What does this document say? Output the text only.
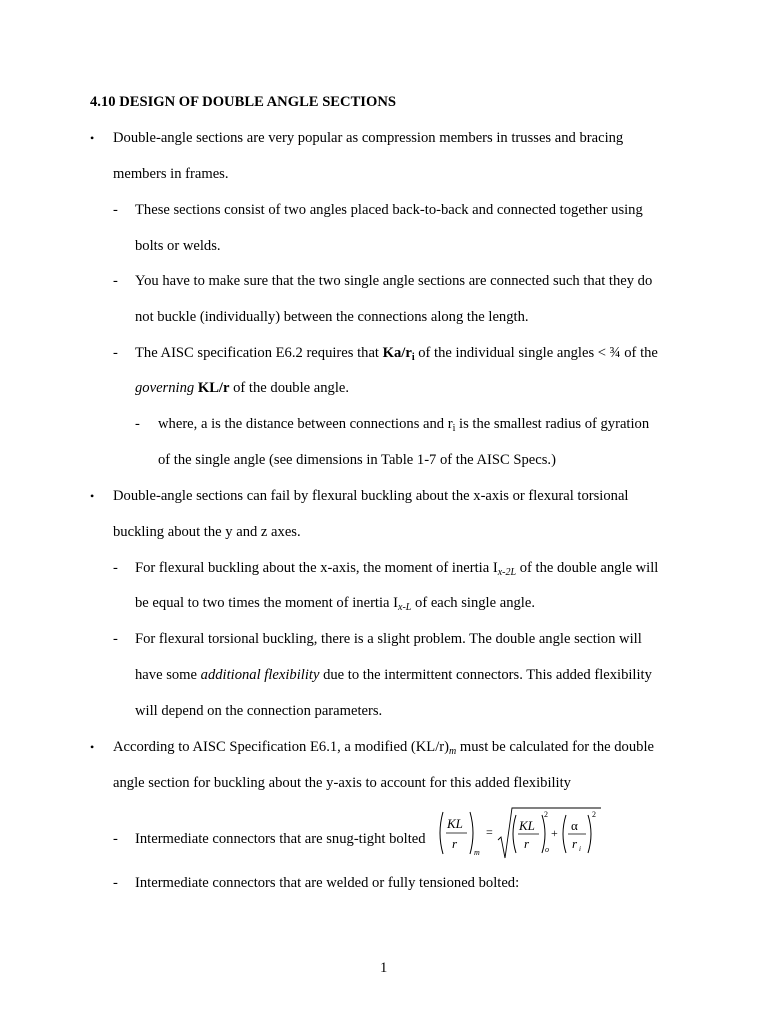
4.10 DESIGN OF DOUBLE ANGLE SECTIONS
• Double-angle sections are very popular as compression members in trusses and bracing
members in frames.
- These sections consist of two angles placed back-to-back and connected together using
bolts or welds.
- You have to make sure that the two single angle sections are connected such that they do
not buckle (individually) between the connections along the length.
- The AISC specification E6.2 requires that $Ka/r_i$ of the individual single angles < ¾ of the
governing KL/r of the double angle.
- where, a is the distance between connections and $r_i$ is the smallest radius of gyration
of the single angle (see dimensions in Table 1-7 of the AISC Specs.)
• Double-angle sections can fail by flexural buckling about the x-axis or flexural torsional
buckling about the y and z axes.
- For flexural buckling about the x-axis, the moment of inertia $I_{x-2L}$ of the double angle will
be equal to two times the moment of inertia $I_{x-L}$ of each single angle.
- For flexural torsional buckling, there is a slight problem. The double angle section will
have some additional flexibility due to the intermittent connectors. This added flexibility
will depend on the connection parameters.
• According to AISC Specification E6.1, a modified $(KL/r)_m$ must be calculated for the double
angle section for buckling about the y-axis to account for this added flexibility
- Intermediate connectors that are snug-tight bolted
KL
r
m
= KL
r
2
o
+ α
r i
2
- Intermediate connectors that are welded or fully tensioned bolted:
1
